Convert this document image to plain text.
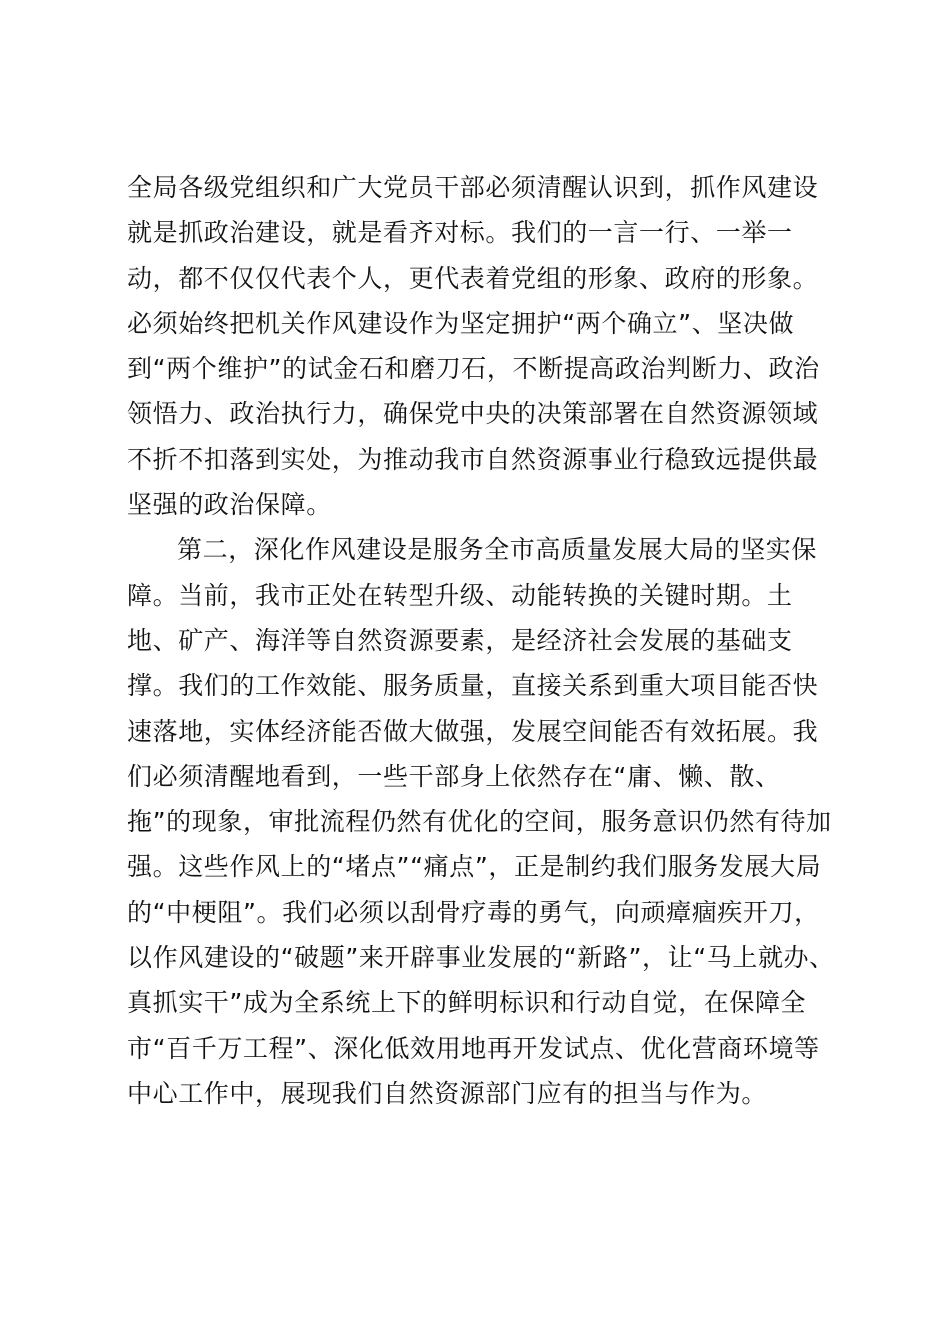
全局各级党组织和广大党员干部必须清醒认识到，抓作风建设
就是抓政治建设，就是看齐对标。我们的一言一行、一举一
动，都不仅仅代表个人，更代表着党组的形象、政府的形象。
必须始终把机关作风建设作为坚定拥护“两个确立”、坚决做
到“两个维护”的试金石和磨刀石，不断提高政治判断力、政治
领悟力、政治执行力，确保党中央的决策部署在自然资源领域
不折不扣落到实处，为推动我市自然资源事业行稳致远提供最
坚强的政治保障。
第二，深化作风建设是服务全市高质量发展大局的坚实保
障。当前，我市正处在转型升级、动能转换的关键时期。土
地、矿产、海洋等自然资源要素，是经济社会发展的基础支
撑。我们的工作效能、服务质量，直接关系到重大项目能否快
速落地，实体经济能否做大做强，发展空间能否有效拓展。我
们必须清醒地看到，一些干部身上依然存在“庸、懒、散、
拖”的现象，审批流程仍然有优化的空间，服务意识仍然有待加
强。这些作风上的“堵点”“痛点”，正是制约我们服务发展大局
的“中梗阻”。我们必须以刮骨疗毒的勇气，向顽瘴痼疾开刀，
以作风建设的“破题”来开辟事业发展的“新路”，让“马上就办、
真抓实干”成为全系统上下的鲜明标识和行动自觉，在保障全
市“百千万工程”、深化低效用地再开发试点、优化营商环境等
中心工作中，展现我们自然资源部门应有的担当与作为。
